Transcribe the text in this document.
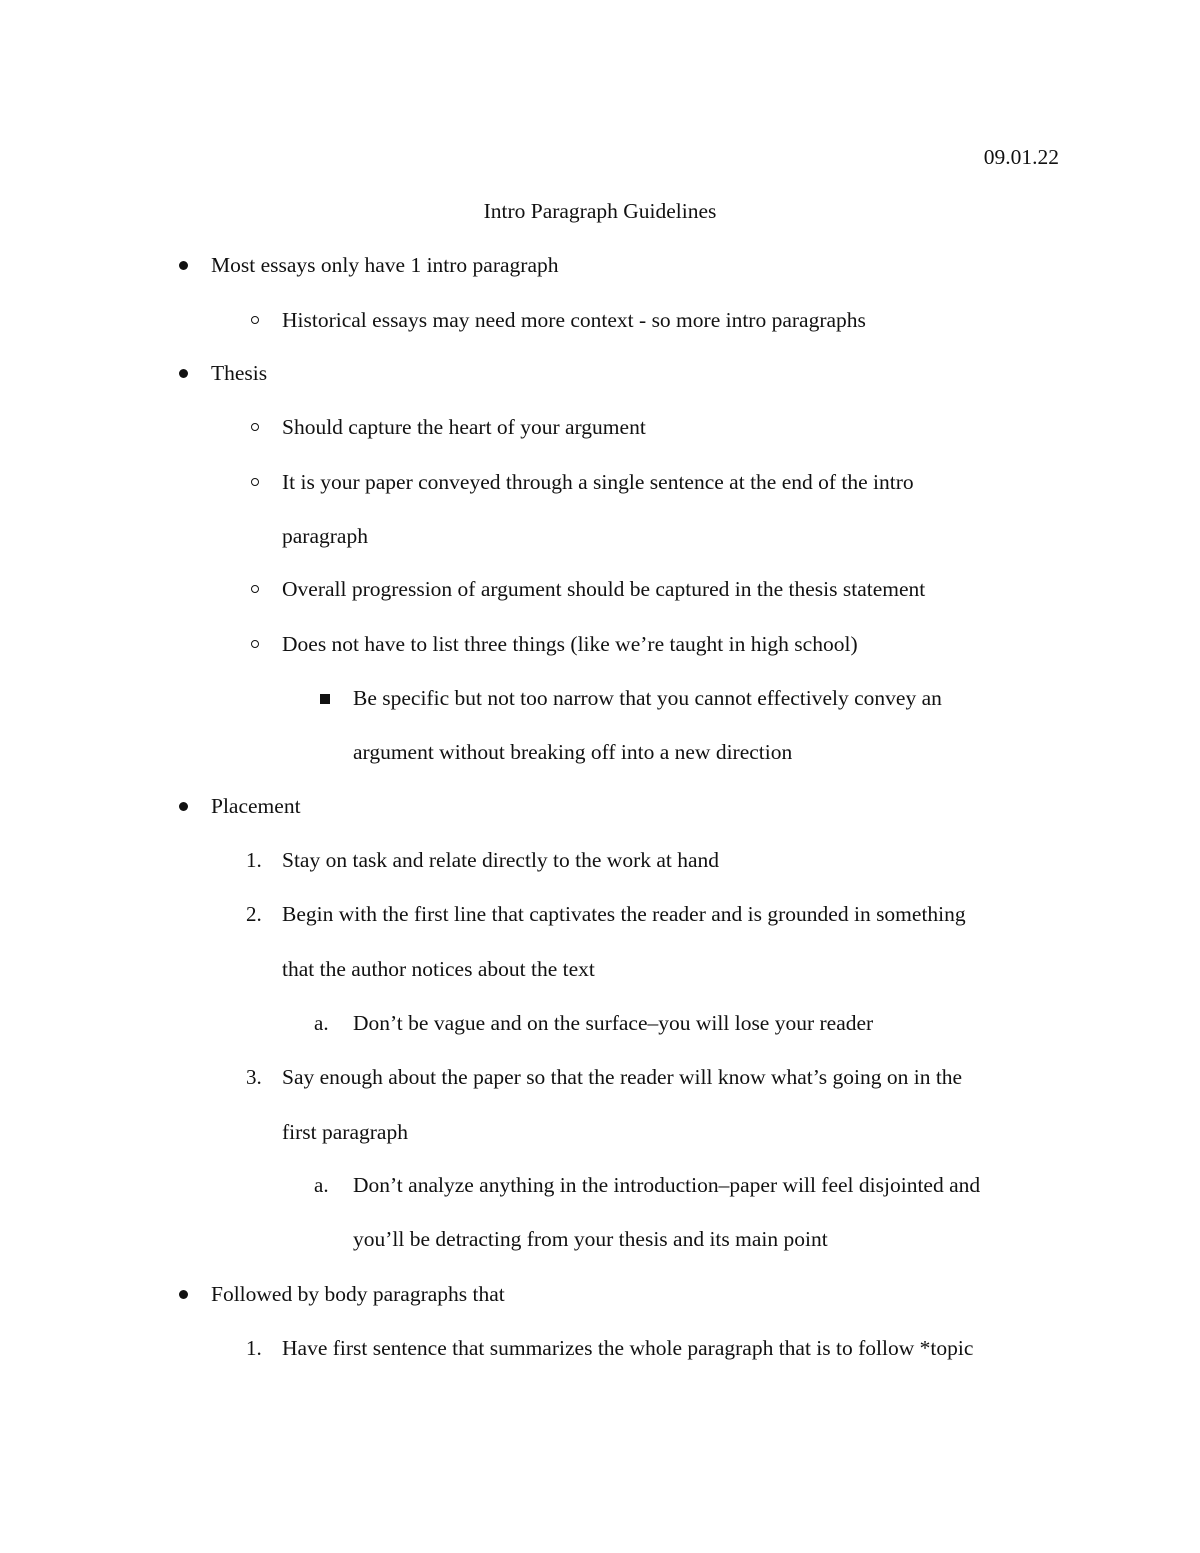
09.01.22
Intro Paragraph Guidelines
Most essays only have 1 intro paragraph
Historical essays may need more context - so more intro paragraphs
Thesis
Should capture the heart of your argument
It is your paper conveyed through a single sentence at the end of the intro
paragraph
Overall progression of argument should be captured in the thesis statement
Does not have to list three things (like we’re taught in high school)
Be specific but not too narrow that you cannot effectively convey an
argument without breaking off into a new direction
Placement
1. Stay on task and relate directly to the work at hand
2. Begin with the first line that captivates the reader and is grounded in something
that the author notices about the text
a. Don’t be vague and on the surface–you will lose your reader
3. Say enough about the paper so that the reader will know what’s going on in the
first paragraph
a. Don’t analyze anything in the introduction–paper will feel disjointed and
you’ll be detracting from your thesis and its main point
Followed by body paragraphs that
1. Have first sentence that summarizes the whole paragraph that is to follow *topic
